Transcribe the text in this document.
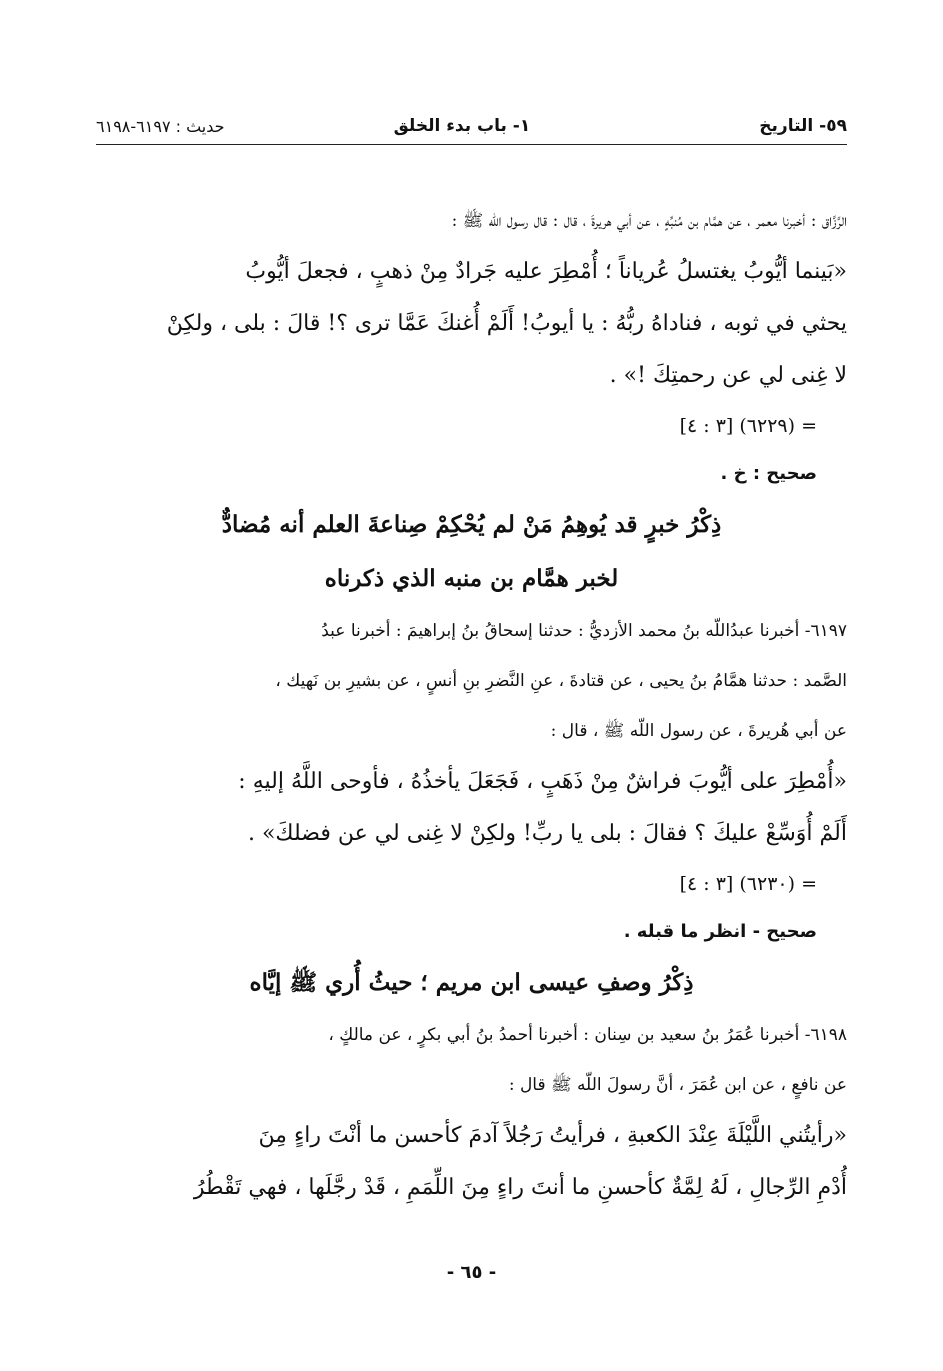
٥٩- التاريخ
١- باب بدء الخلق
حديث : ٦١٩٧-٦١٩٨
الرَّزَّاق : أخبرنا معمر ، عن همَّام بن مُنبِّهٍ ، عن أبي هريرةَ ، قال : قال رسول اللّه ﷺ :
«بَينما أيُّوبُ يغتسلُ عُرياناً ؛ أُمْطِرَ عليه جَرادٌ مِنْ ذهبٍ ، فجعلَ أيُّوبُ
يحثي في ثوبه ، فناداهُ ربُّهُ : يا أيوبُ! أَلَمْ أُغنكَ عَمَّا ترى ؟! قالَ : بلى ، ولكِنْ
لا غِنى لي عن رحمتِكَ !» .
= (٦٢٢٩) [٣ : ٤]
صحيح : خ .
ذِكْرُ خبرٍ قد يُوهِمُ مَنْ لم يُحْكِمْ صِناعةَ العلم أنه مُضادٌّ
لخبر همَّام بن منبه الذي ذكرناه
٦١٩٧- أخبرنا عبدُاللّه بنُ محمد الأزديُّ : حدثنا إسحاقُ بنُ إبراهيمَ : أخبرنا عبدُ
الصَّمد : حدثنا همَّامُ بنُ يحيى ، عن قتادةَ ، عنِ النَّضرِ بنِ أنسٍ ، عن بشيرِ بن نَهيك ،
عن أبي هُريرةَ ، عن رسول اللّه ﷺ ، قال :
«أُمْطِرَ على أيُّوبَ فراشٌ مِنْ ذَهَبٍ ، فَجَعَلَ يأخذُهُ ، فأوحى اللَّهُ إليهِ :
أَلَمْ أُوَسِّعْ عليكَ ؟ فقالَ : بلى يا ربِّ! ولكِنْ لا غِنى لي عن فضلكَ» .
= (٦٢٣٠) [٣ : ٤]
صحيح - انظر ما قبله .
ذِكْرُ وصفِ عيسى ابن مريم ؛ حيثُ أُري ﷺ إيَّاه
٦١٩٨- أخبرنا عُمَرُ بنُ سعيد بن سِنان : أخبرنا أحمدُ بنُ أبي بكرٍ ، عن مالكٍ ،
عن نافعٍ ، عن ابن عُمَرَ ، أنَّ رسولَ اللّه ﷺ قال :
«رأيتُني اللَّيْلَةَ عِنْدَ الكعبةِ ، فرأيتُ رَجُلاً آدمَ كأحسن ما أنْتَ راءٍ مِنَ
أُدْمِ الرِّجالِ ، لَهُ لِمَّةٌ كأحسنِ ما أنتَ راءٍ مِنَ اللِّمَمِ ، قَدْ رجَّلَها ، فهي تَقْطُرُ
- ٦٥ -
